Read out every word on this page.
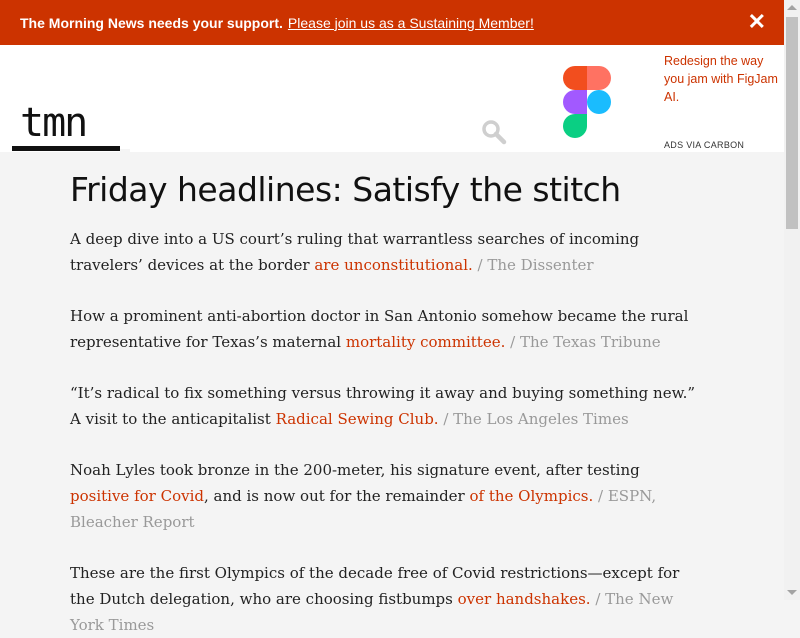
The Morning News needs your support. Please join us as a Sustaining Member!	✕
tmn
Redesign the way you jam with FigJam AI.
ADS VIA CARBON
Friday headlines: Satisfy the stitch

A deep dive into a US court’s ruling that warrantless searches of incoming travelers’ devices at the border are unconstitutional. / The Dissenter

How a prominent anti-abortion doctor in San Antonio somehow became the rural representative for Texas’s maternal mortality committee. / The Texas Tribune

“It’s radical to fix something versus throwing it away and buying something new.” A visit to the anticapitalist Radical Sewing Club. / The Los Angeles Times

Noah Lyles took bronze in the 200-meter, his signature event, after testing positive for Covid, and is now out for the remainder of the Olympics. / ESPN, Bleacher Report

These are the first Olympics of the decade free of Covid restrictions—except for the Dutch delegation, who are choosing fistbumps over handshakes. / The New York Times
